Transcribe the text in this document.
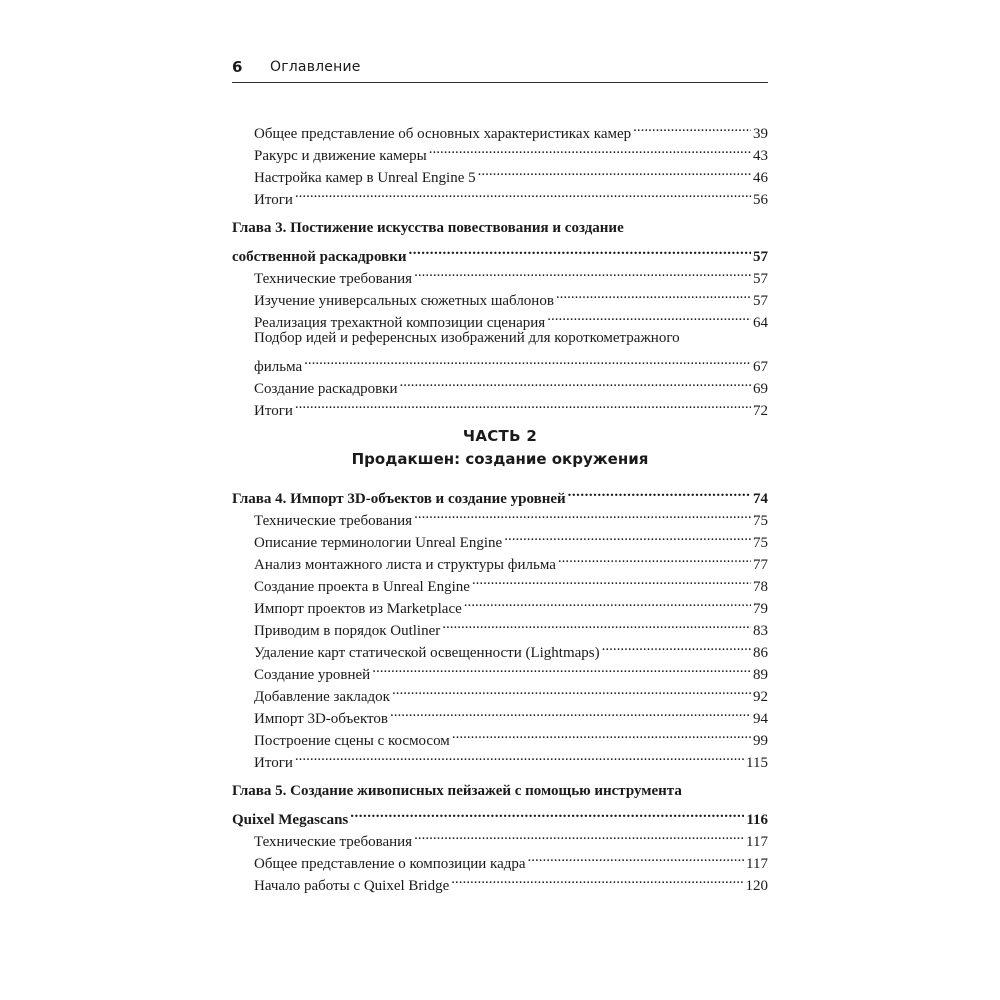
6 Оглавление
Общее представление об основных характеристиках камер .....	39
Ракурс и движение камеры .....	43
Настройка камер в Unreal Engine 5 .....	46
Итоги .....	56
Глава 3. Постижение искусства повествования и создание
собственной раскадровки .....	57
Технические требования .....	57
Изучение универсальных сюжетных шаблонов .....	57
Реализация трехактной композиции сценария .....	64
Подбор идей и референсных изображений для короткометражного
фильма .....	67
Создание раскадровки .....	69
Итоги .....	72
ЧАСТЬ 2
Продакшен: создание окружения
Глава 4. Импорт 3D-объектов и создание уровней .....	74
Технические требования .....	75
Описание терминологии Unreal Engine .....	75
Анализ монтажного листа и структуры фильма .....	77
Создание проекта в Unreal Engine .....	78
Импорт проектов из Marketplace .....	79
Приводим в порядок Outliner .....	83
Удаление карт статической освещенности (Lightmaps) .....	86
Создание уровней .....	89
Добавление закладок .....	92
Импорт 3D-объектов .....	94
Построение сцены с космосом .....	99
Итоги .....	115
Глава 5. Создание живописных пейзажей с помощью инструмента
Quixel Megascans .....	116
Технические требования .....	117
Общее представление о композиции кадра .....	117
Начало работы с Quixel Bridge .....	120
